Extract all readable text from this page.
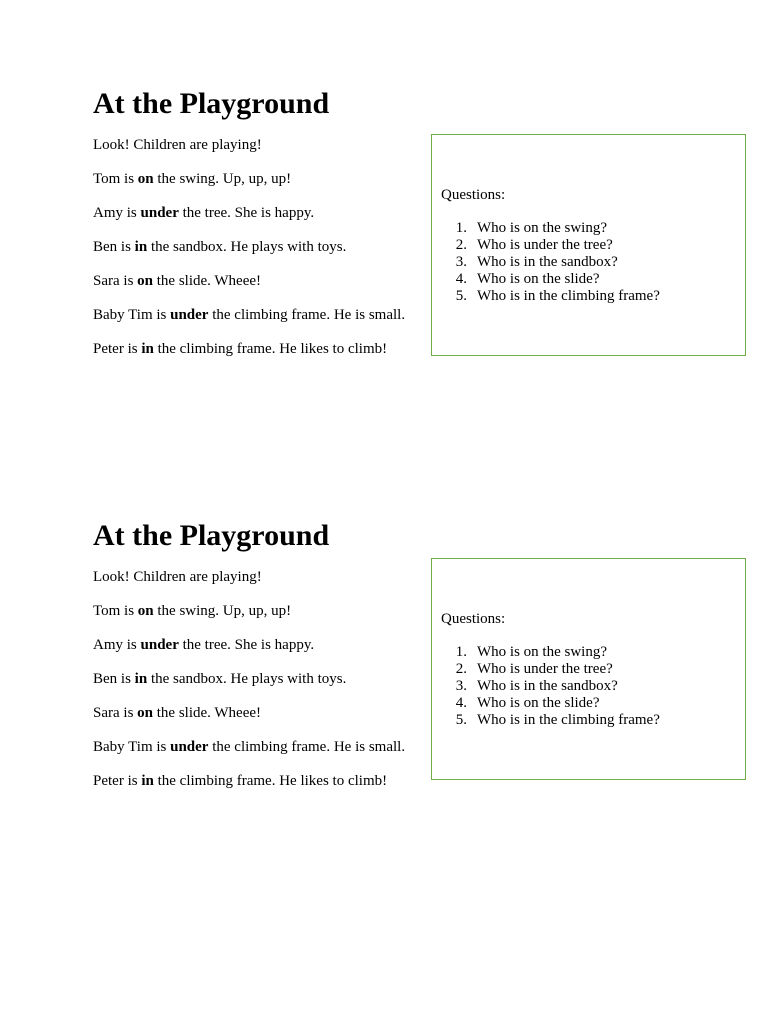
At the Playground

Look! Children are playing!

Tom is on the swing. Up, up, up!

Amy is under the tree. She is happy.

Ben is in the sandbox. He plays with toys.

Sara is on the slide. Wheee!

Baby Tim is under the climbing frame. He is small.

Peter is in the climbing frame. He likes to climb!

Questions:

1. Who is on the swing?
2. Who is under the tree?
3. Who is in the sandbox?
4. Who is on the slide?
5. Who is in the climbing frame?
At the Playground

Look! Children are playing!

Tom is on the swing. Up, up, up!

Amy is under the tree. She is happy.

Ben is in the sandbox. He plays with toys.

Sara is on the slide. Wheee!

Baby Tim is under the climbing frame. He is small.

Peter is in the climbing frame. He likes to climb!

Questions:

1. Who is on the swing?
2. Who is under the tree?
3. Who is in the sandbox?
4. Who is on the slide?
5. Who is in the climbing frame?
